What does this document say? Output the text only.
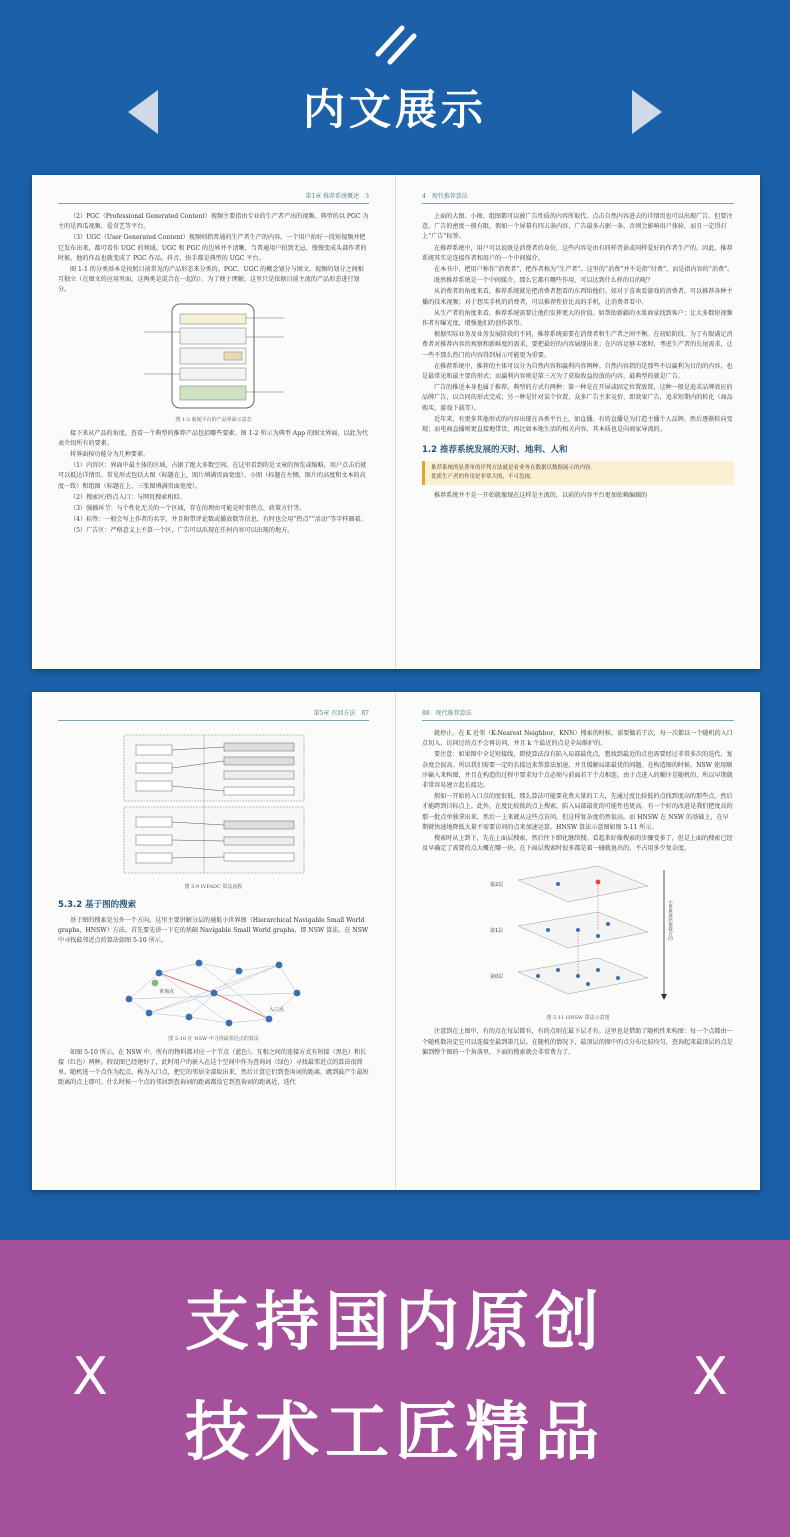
内文展示
第1章 推荐系统概述　 3

（2）PGC（Professional Generated Content）视频主要指由专业的生产者产出的视频。典型的以 PGC 为主的是西瓜视频、爱奇艺等平台。

（3）UGC（User Generated Content）视频则指普通的生产者生产的内容。一个用户拍好一段短视频并把它发布出来，都可看作 UGC 的领域。UGC 和 PGC 的边界并不清晰，当普通用户拍到无忌，慢慢变成头部作者的时候，他的作品也就变成了 PGC 作品。抖音、快手都是典型的 UGC 平台。

图 1-1 的分类基本是按照目前常见的产品形态来分类的。PGC、UGC 的概念划分与图文、视频的划分之间相互独立（在图文的应用里面，这两类是混合在一起的）。为了便于理解，这里只是依据目前主流的产品形态进行划分。

图 1-2 新闻平台的产品界面示意态

接下来从产品的角度，查看一个典型的推荐产品包括哪些要素。图 1-2 所示为典型 App 的图文界面，以此为代表介绍所有的要素。

将界面按功能分为几种要素。

（1）内容区：界面中最主体的区域，占据了绝大多数空间。在这里看到的是文章的预览或缩略，用户点击后就可以抵达详情页。常见形式包括大图（标题在上，图片填满页面宽度）、小图（标题在左侧，图片的高度和文本的高度一致）和组图（标题在上，三张图填满页面宽度）。

（2）搜索区/热点入口：与网页搜索相似。

（3）强插环节：与个性化无关的一个区域，存在的理由可能是时事热点、政策方针等。

（4）标签：一般会写上作者的名字，并且附带评论数或播放数等信息，有时也会用“热点”“活动”等字样圈着。

（5）广告区：严格意义上不算一个区，广告可以出现在任何内容可以出现的地方。

4　 现代推荐算法

上面的大图、小图、组图都可以被广告性质的内容所取代。点击自然内容进去的详情页也可以出现广告。但要注意，广告的密度一般有限，假如一个屏幕有四五条内容，广告最多占据一条，否则会影响用户体验，而且一定得打上“广告”标签。

在推荐系统中，用户可以说既是消费者的身份，这些内容是由有同样背景或同样爱好的作者生产的。因此，推荐系统其实是连接作者和用户的一个中间媒介。

在本书中，把用户称作“消费者”，把作者称为“生产者”。这里的“消费”并不是指“付费”，而是指内容的“消费”。

既然推荐系统是一个中间媒介，那么它都有哪些作用，可以达到什么样的目的呢？

从消费者的角度来看，推荐系统就是把消费者想看的东西给他们。如对于喜欢看游戏的消费者，可以推荐各种主播的技术视频；对于想买手机的消费者，可以推荐性价比高的手机，让消费者看中。

从生产者的角度来看，推荐系统需要让他们发挥更大的价值。如帮助新疆的水果商家找到客户；让大多数短视频作者有曝光度，增强他们的创作欲望。

根据实际业务及业务发展阶段的不同，推荐系统需要在消费者和生产者之间平衡。在初始阶段，为了有限满足消费者对推荐内容的观察和新鲜度的需求，要把最好的内容展现出来；在内容足够丰富时，考虑生产者的长尾需求，让一些不那么热门的内容得到展示可能更为重要。

在推荐系统中，推荐的主体可以分为自然内容和赢利内容两种。自然内容指的是那些不以赢利为目的的内容，也是最常见和最主要的形式；而赢利内容则是第三方为了获取收益投放的内容，最典型的就是广告。

广告的推送本身也属于推荐。典型的方式有两种：第一种是在开屏或固定位置放置，这种一般是追求品牌效应的品牌广告，以合同的形式完成；另一种是针对某个位置，众多广告主来竞价，即效果广告，追求短期内的转化（商品购买、游戏下载等）。

近年来，有更多其他形式的内容出现在各类平台上，如直播。有的直播是为打造主播个人品牌，然后逐渐转向变现；而电商直播则更直接地带货，再比如本地生活的相关内容，其本质也是向商家导流的。

1.2 推荐系统发展的天时、地利、人和
推荐系统的显著单的评判方法就是看业务在数据以数据展示的内容。
优质生产者的作用是非常大的，不可忽视。

推荐系统并不是一开始就像现在这样是主流的，以前的内容平台更加依赖编辑的

第5章 召回方法　 87
图 5-9 IVFADC 算法流程
5.3.2 基于图的搜索

基于图的搜索是另外一个方向。这里主要讲解分层的通航小世界图（Hierarchical Navigable Small World graphs，HNSW）方法。首先要先讲一下它的基础 Navigable Small World graphs，即 NSW 算法。在 NSW 中寻找最邻近点的算法如图 5-10 所示。

查询点
入口点
图 5-10 在 NSW 中寻找最邻近点的算法

如图 5-10 所示，在 NSW 中，所有的物料都对应一个节点（蓝色）。互相之间的连接方式有短接（黑色）和长接（红色）两种。假设图已经建好了，此时用户的嵌入在这个空间中作为查询词（绿色）寻找最邻近点的算法很简单。随机选一个点作为起点，称为入口点，把它的邻居全部取出来，然后计算它们到查询词的距离，跳到最产生最短距离的点上即可。什么时候一个点的邻居到查询词的距离都没它到查询词的距离近，迭代

88　 现代推荐算法

就停止。在 K 近邻（K-Nearest Neighbor，KNN）搜索的时候，需要做若干次，每一次都以一个随机的入口点切入，访问过的点不会再访问，并且 k 个最近的点是全局维护的。

要注意：如果图中全是短接线，即使算法没有陷入局部最优点，想找到最近的点也需要经过非常多次的迭代，复杂度会很高。所以我们需要一定的长接边来帮算法加速，并且缓解局部最优的问题。在构造图的时候，NSW 使用顺序输入来构图，并且在构造的过程中要求每个点必须与前面若干个点相连。由于点进入的顺序是随机的，所以早期就非常容易建立起长接边。

假如一开始的入口点的度很低，那么算法可能要花费大量的工夫，先通过度比较低的点找到度高的那些点，然后才能跨到目标点上。此外，在度比较低的点上搜索，陷入局部最优的可能性也更高。有一个好的改进是我们把度高的那一批点单独拿出来，然后一上来就从这些点访问，但这样复杂度仍然很高。而 HNSW 在 NSW 的基础上，在早期就快速地降低大量不需要访问的点来加速运算。HNSW 算法示意图如图 5-11 所示。

搜索时从上到下，先在上面层搜索，然后往下细化继续搜。看起来好像搜索的步骤变多了，但是上面的搜索已经及早确定了需要的点大概在哪一块，在下面层搜索时很多都是着一碰就退出的，不占用多少复杂度。

第2层
第1层
第0层
小世界逐层查找方向
图 5-11 HNSW 算法示意图

注意到在上图中，有的点在每层都有，有的点则在最下层才有。这里也是借助了随机性来构图：每一个点都由一个随机数决定它可以连接至最到第几层。在随机的情况下，最顶层的图中的点分布比较均匀，查询起来最顶层的点是偏到整个图的一个角落里，下面的搜索就会非常费力了。

支持国内原创
技术工匠精品
X	X
